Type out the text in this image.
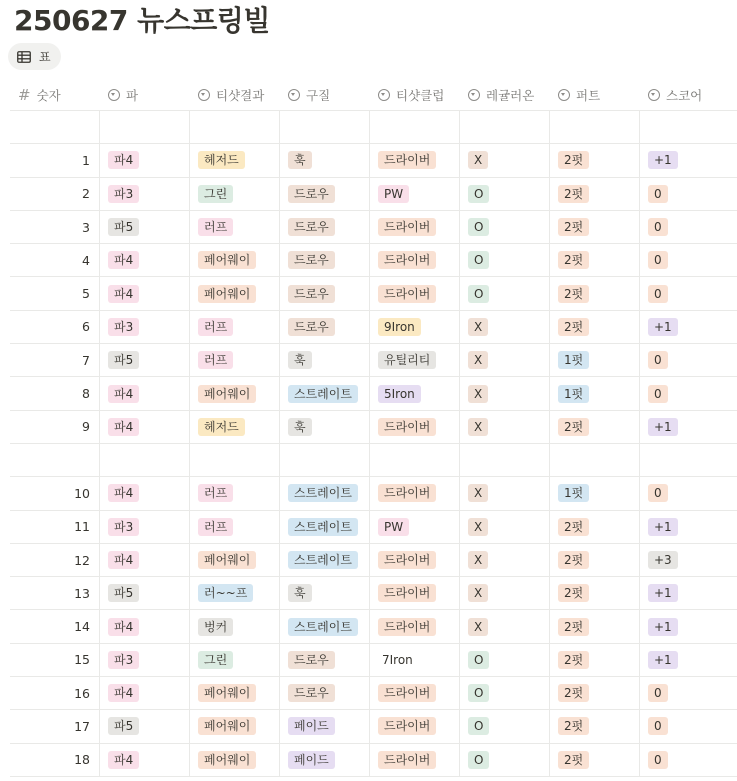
250627 뉴스프링빌
표
# 숫자	파	티샷결과	구질	티샷클럽	레귤러온	퍼트	스코어
1	파4	헤저드	훅	드라이버	X	2펏	+1
2	파3	그린	드로우	PW	O	2펏	0
3	파5	러프	드로우	드라이버	O	2펏	0
4	파4	페어웨이	드로우	드라이버	O	2펏	0
5	파4	페어웨이	드로우	드라이버	O	2펏	0
6	파3	러프	드로우	9Iron	X	2펏	+1
7	파5	러프	훅	유틸리티	X	1펏	0
8	파4	페어웨이	스트레이트	5Iron	X	1펏	0
9	파4	헤저드	훅	드라이버	X	2펏	+1
10	파4	러프	스트레이트	드라이버	X	1펏	0
11	파3	러프	스트레이트	PW	X	2펏	+1
12	파4	페어웨이	스트레이트	드라이버	X	2펏	+3
13	파5	러~~프	훅	드라이버	X	2펏	+1
14	파4	벙커	스트레이트	드라이버	X	2펏	+1
15	파3	그린	드로우	7Iron	O	2펏	+1
16	파4	페어웨이	드로우	드라이버	O	2펏	0
17	파5	페어웨이	페이드	드라이버	O	2펏	0
18	파4	페어웨이	페이드	드라이버	O	2펏	0
